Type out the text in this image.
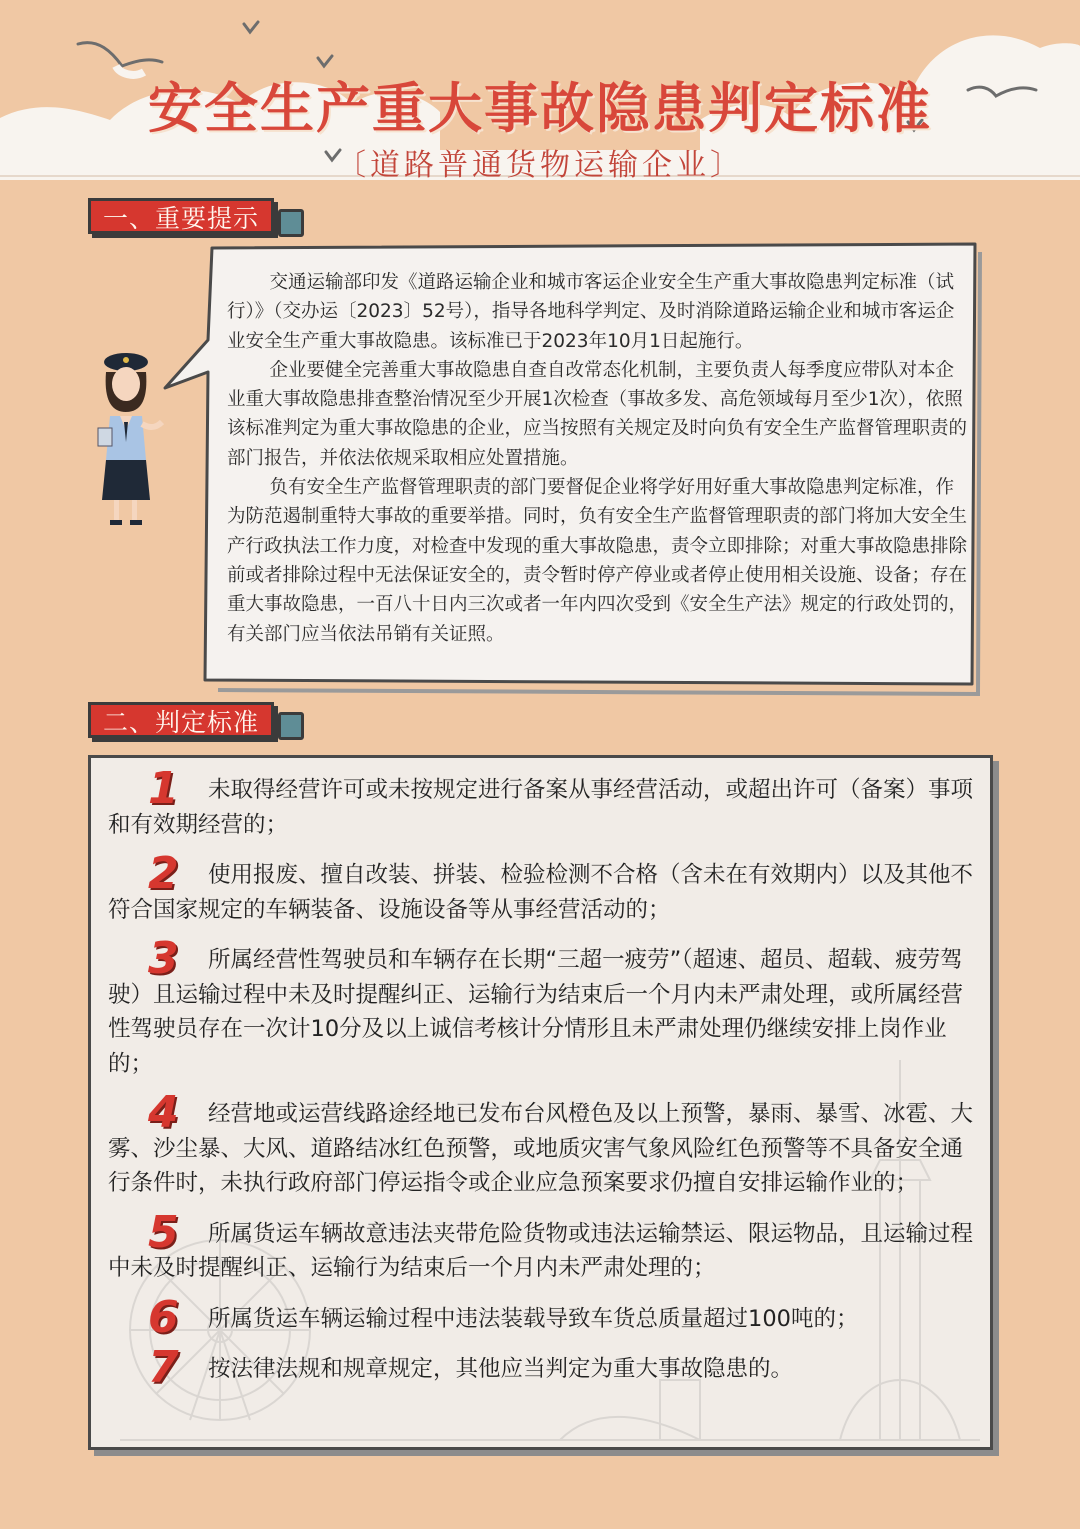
安全生产重大事故隐患判定标准
〔道路普通货物运输企业〕
一、重要提示

交通运输部印发《道路运输企业和城市客运企业安全生产重大事故隐患判定标准（试行）》（交办运〔2023〕52号），指导各地科学判定、及时消除道路运输企业和城市客运企业安全生产重大事故隐患。该标准已于2023年10月1日起施行。

企业要健全完善重大事故隐患自查自改常态化机制，主要负责人每季度应带队对本企业重大事故隐患排查整治情况至少开展1次检查（事故多发、高危领域每月至少1次），依照该标准判定为重大事故隐患的企业，应当按照有关规定及时向负有安全生产监督管理职责的部门报告，并依法依规采取相应处置措施。

负有安全生产监督管理职责的部门要督促企业将学好用好重大事故隐患判定标准，作为防范遏制重特大事故的重要举措。同时，负有安全生产监督管理职责的部门将加大安全生产行政执法工作力度，对检查中发现的重大事故隐患，责令立即排除；对重大事故隐患排除前或者排除过程中无法保证安全的，责令暂时停产停业或者停止使用相关设施、设备；存在重大事故隐患，一百八十日内三次或者一年内四次受到《安全生产法》规定的行政处罚的，有关部门应当依法吊销有关证照。

二、判定标准
1 未取得经营许可或未按规定进行备案从事经营活动，或超出许可（备案）事项和有效期经营的；
2 使用报废、擅自改装、拼装、检验检测不合格（含未在有效期内）以及其他不符合国家规定的车辆装备、设施设备等从事经营活动的；
3 所属经营性驾驶员和车辆存在长期“三超一疲劳”（超速、超员、超载、疲劳驾驶）且运输过程中未及时提醒纠正、运输行为结束后一个月内未严肃处理，或所属经营性驾驶员存在一次计10分及以上诚信考核计分情形且未严肃处理仍继续安排上岗作业的；
4 经营地或运营线路途经地已发布台风橙色及以上预警，暴雨、暴雪、冰雹、大雾、沙尘暴、大风、道路结冰红色预警，或地质灾害气象风险红色预警等不具备安全通行条件时，未执行政府部门停运指令或企业应急预案要求仍擅自安排运输作业的；
5 所属货运车辆故意违法夹带危险货物或违法运输禁运、限运物品，且运输过程中未及时提醒纠正、运输行为结束后一个月内未严肃处理的；
6 所属货运车辆运输过程中违法装载导致车货总质量超过100吨的；
7 按法律法规和规章规定，其他应当判定为重大事故隐患的。
